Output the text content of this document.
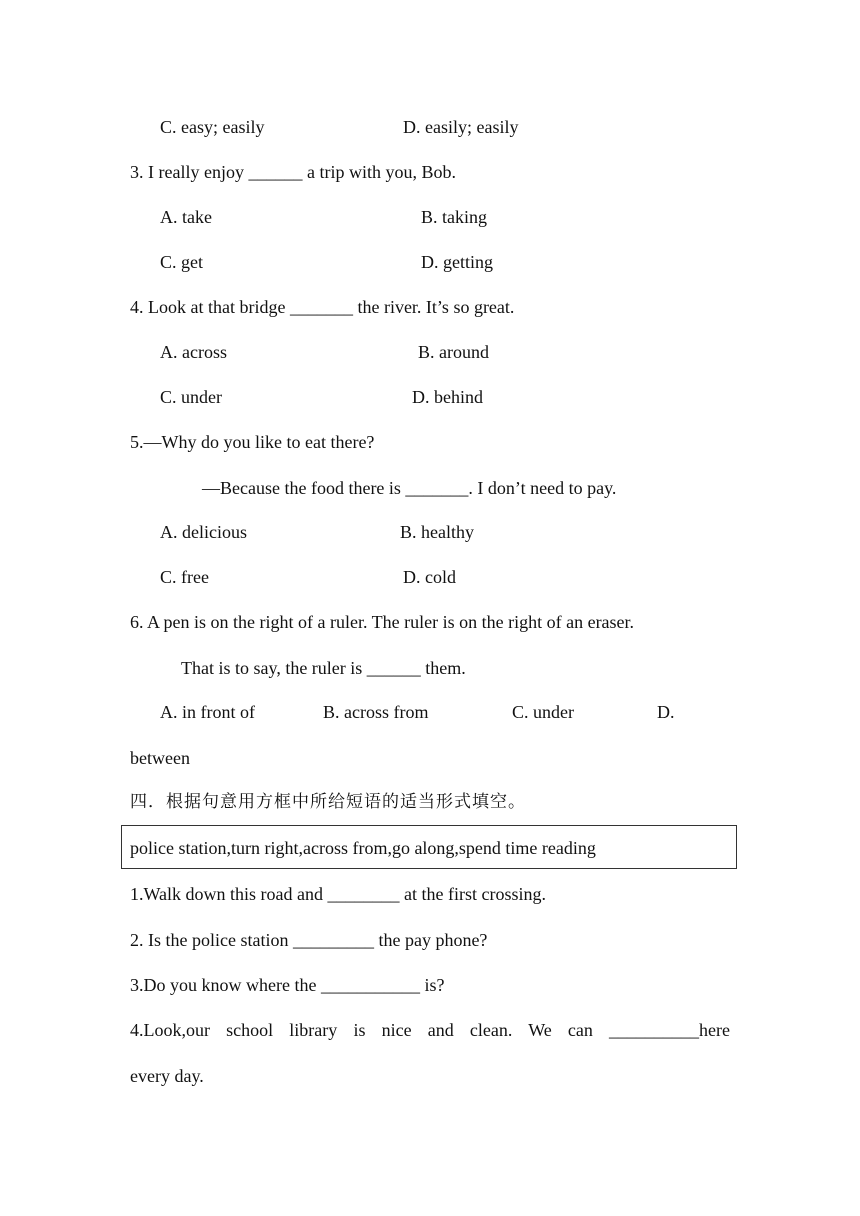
C. easy; easily	D. easily; easily
3. I really enjoy ______ a trip with you, Bob.
A. take	B. taking
C. get	D. getting
4. Look at that bridge _______ the river. It’s so great.
A. across	B. around
C. under	D. behind
5.—Why do you like to eat there?
—Because the food there is _______. I don’t need to pay.
A. delicious	B. healthy
C. free	D. cold
6. A pen is on the right of a ruler. The ruler is on the right of an eraser.
That is to say, the ruler is ______ them.
A. in front of	B. across from	C. under	D.
between
四．根据句意用方框中所给短语的适当形式填空。
police station,turn right,across from,go along,spend time reading
1.Walk down this road and ________ at the first crossing.
2. Is the police station _________ the pay phone?
3.Do you know where the ___________ is?
4.Look,our school library is nice and clean. We can __________here
every day.
